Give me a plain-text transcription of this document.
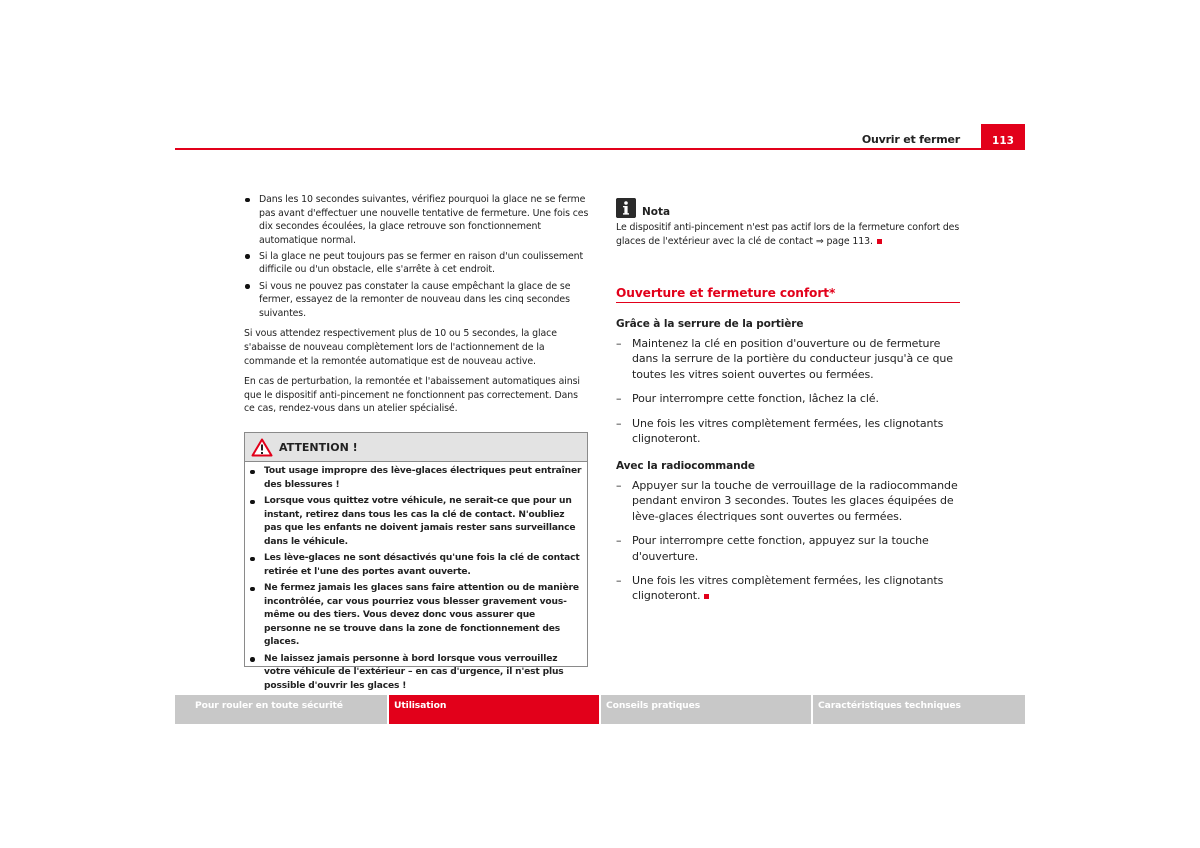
Ouvrir et fermer	113
Dans les 10 secondes suivantes, vérifiez pourquoi la glace ne se ferme pas avant d'effectuer une nouvelle tentative de fermeture. Une fois ces dix secondes écoulées, la glace retrouve son fonctionnement automatique normal.
Si la glace ne peut toujours pas se fermer en raison d'un coulissement difficile ou d'un obstacle, elle s'arrête à cet endroit.
Si vous ne pouvez pas constater la cause empêchant la glace de se fermer, essayez de la remonter de nouveau dans les cinq secondes suivantes.

Si vous attendez respectivement plus de 10 ou 5 secondes, la glace s'abaisse de nouveau complètement lors de l'actionnement de la commande et la remontée automatique est de nouveau active.

En cas de perturbation, la remontée et l'abaissement automatiques ainsi que le dispositif anti-pincement ne fonctionnent pas correctement. Dans ce cas, rendez-vous dans un atelier spécialisé.

ATTENTION !
Tout usage impropre des lève-glaces électriques peut entraîner des blessures !
Lorsque vous quittez votre véhicule, ne serait-ce que pour un instant, retirez dans tous les cas la clé de contact. N'oubliez pas que les enfants ne doivent jamais rester sans surveillance dans le véhicule.
Les lève-glaces ne sont désactivés qu'une fois la clé de contact retirée et l'une des portes avant ouverte.
Ne fermez jamais les glaces sans faire attention ou de manière incontrôlée, car vous pourriez vous blesser gravement vous-même ou des tiers. Vous devez donc vous assurer que personne ne se trouve dans la zone de fonctionnement des glaces.
Ne laissez jamais personne à bord lorsque vous verrouillez votre véhicule de l'extérieur – en cas d'urgence, il n'est plus possible d'ouvrir les glaces !
Nota

Le dispositif anti-pincement n'est pas actif lors de la fermeture confort des glaces de l'extérieur avec la clé de contact ⇒ page 113.

Ouverture et fermeture confort*
Grâce à la serrure de la portière
– Maintenez la clé en position d'ouverture ou de fermeture dans la serrure de la portière du conducteur jusqu'à ce que toutes les vitres soient ouvertes ou fermées.
– Pour interrompre cette fonction, lâchez la clé.
– Une fois les vitres complètement fermées, les clignotants clignoteront.
Avec la radiocommande
– Appuyer sur la touche de verrouillage de la radiocommande pendant environ 3 secondes. Toutes les glaces équipées de lève-glaces électriques sont ouvertes ou fermées.
– Pour interrompre cette fonction, appuyez sur la touche d'ouverture.
– Une fois les vitres complètement fermées, les clignotants clignoteront.
Pour rouler en toute sécurité	Utilisation	Conseils pratiques	Caractéristiques techniques
